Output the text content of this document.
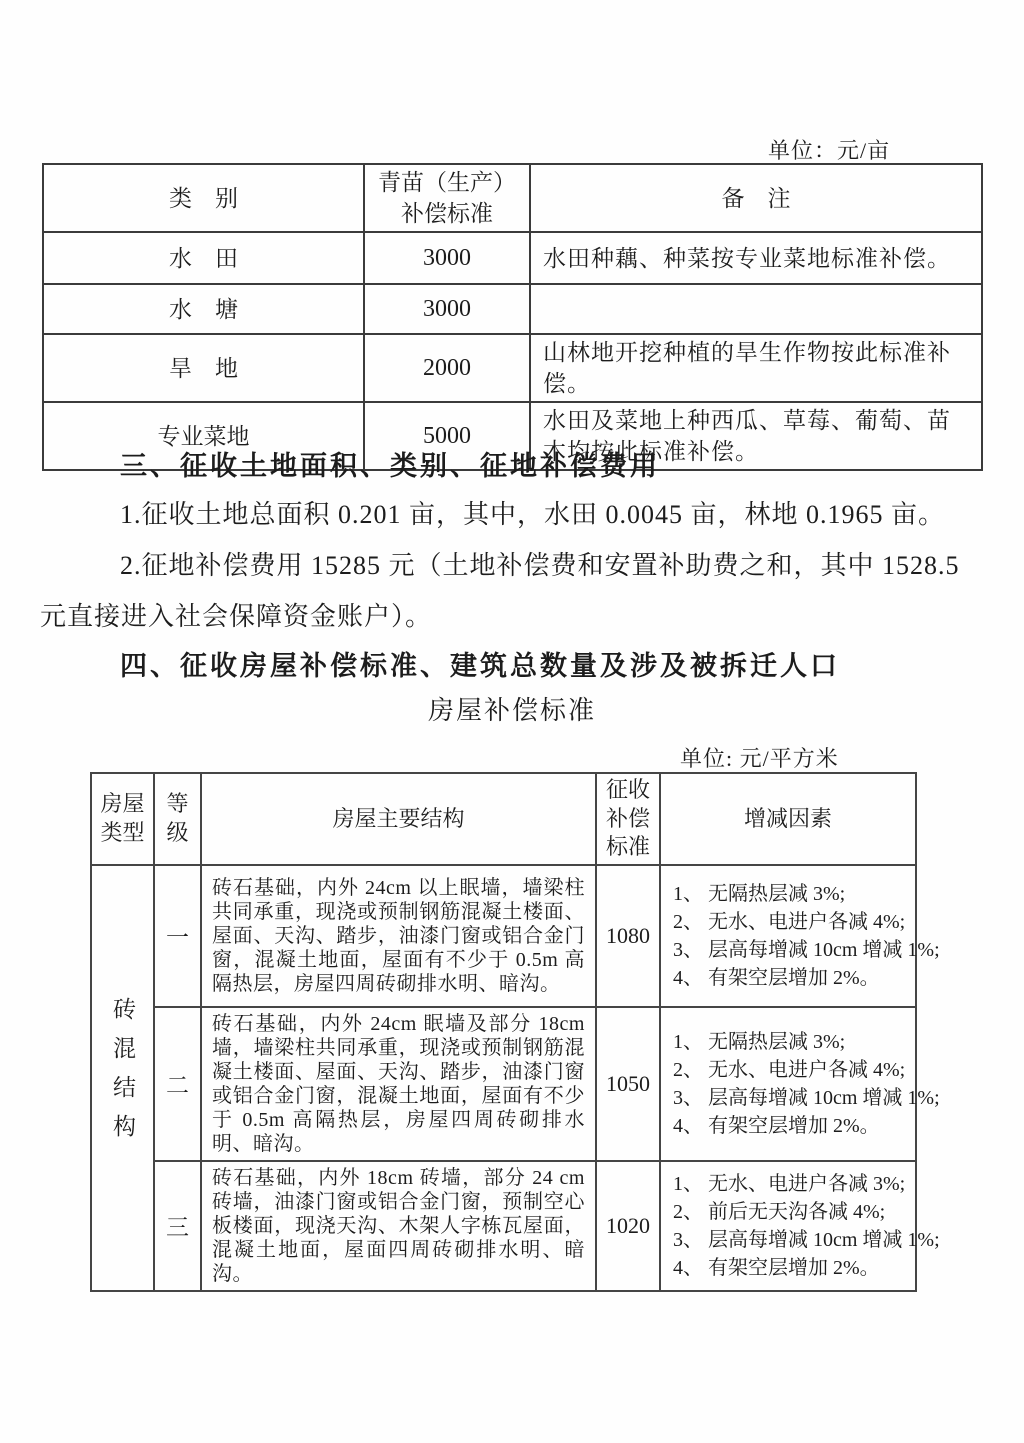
单位：元/亩
类　别	青苗（生产）补偿标准	备　注
水　田	3000	水田种藕、种菜按专业菜地标准补偿。
水　塘	3000	
旱　地	2000	山林地开挖种植的旱生作物按此标准补偿。
专业菜地	5000	水田及菜地上种西瓜、草莓、葡萄、苗木均按此标准补偿。
三、征收土地面积、类别、征地补偿费用
1.征收土地总面积 0.201 亩，其中，水田 0.0045 亩，林地 0.1965 亩。
2.征地补偿费用 15285 元（土地补偿费和安置补助费之和，其中 1528.5
元直接进入社会保障资金账户）。
四、征收房屋补偿标准、建筑总数量及涉及被拆迁人口
房屋补偿标准
单位: 元/平方米
房屋类型	等级	房屋主要结构	征收补偿标准	增减因素
砖混结构	一	砖石基础，内外 24cm 以上眠墙，墙梁柱共同承重，现浇或预制钢筋混凝土楼面、屋面、天沟、踏步，油漆门窗或铝合金门窗，混凝土地面，屋面有不少于 0.5m 高隔热层，房屋四周砖砌排水明、暗沟。	1080	1、 无隔热层减 3%;
2、 无水、电进户各减 4%;
3、 层高每增减 10cm 增减 1%;
4、 有架空层增加 2%。

	二	砖石基础，内外 24cm 眠墙及部分 18cm 墙，墙梁柱共同承重，现浇或预制钢筋混凝土楼面、屋面、天沟、踏步，油漆门窗或铝合金门窗，混凝土地面，屋面有不少于 0.5m 高隔热层，房屋四周砖砌排水明、暗沟。	1050	1、 无隔热层减 3%;
2、 无水、电进户各减 4%;
3、 层高每增减 10cm 增减 1%;
4、 有架空层增加 2%。

	三	砖石基础，内外 18cm 砖墙，部分 24 cm 砖墙，油漆门窗或铝合金门窗，预制空心板楼面，现浇天沟、木架人字栋瓦屋面，混凝土地面，屋面四周砖砌排水明、暗沟。	1020	1、 无水、电进户各减 3%;
2、 前后无天沟各减 4%;
3、 层高每增减 10cm 增减 1%;
4、 有架空层增加 2%。
